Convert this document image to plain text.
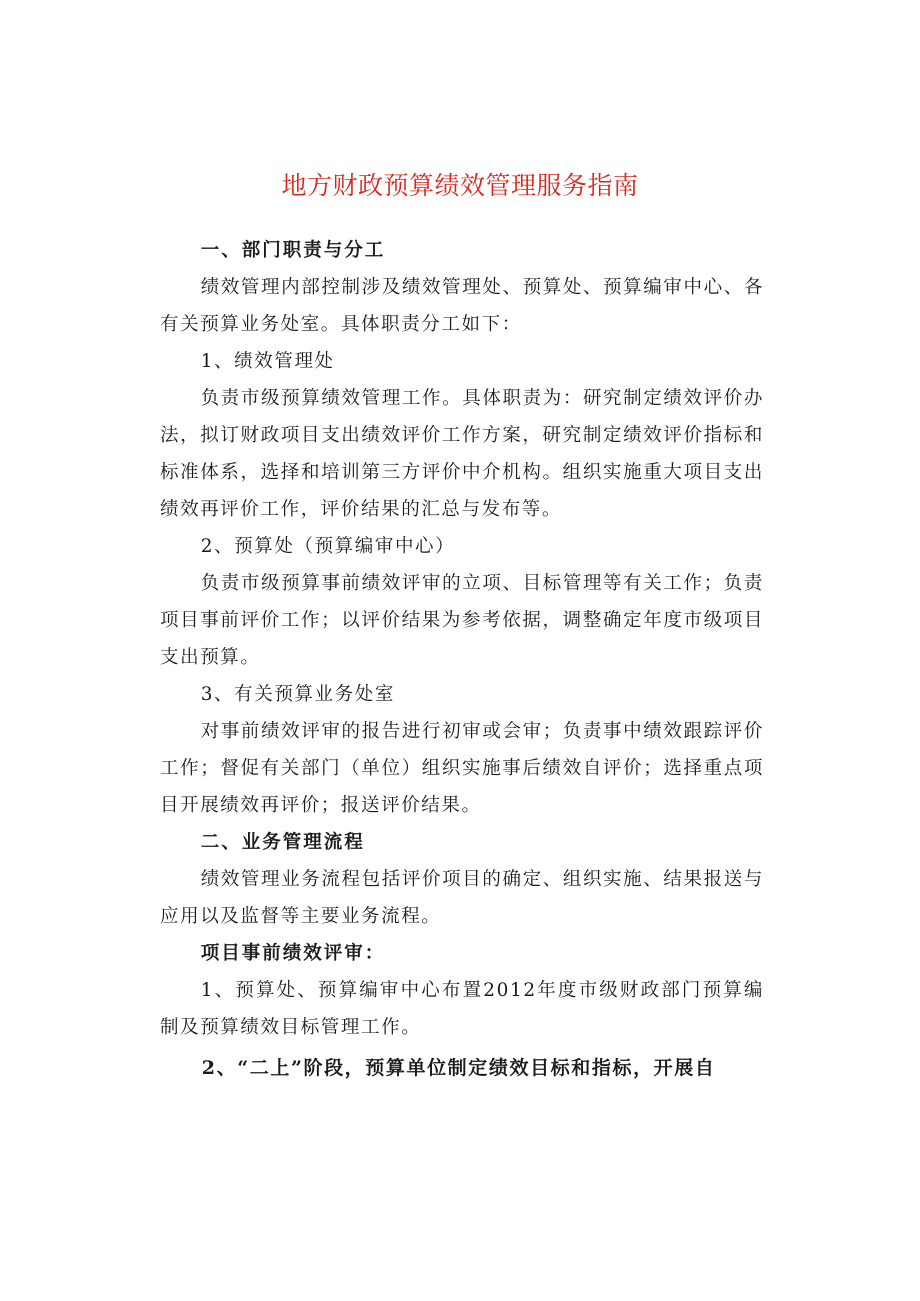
地方财政预算绩效管理服务指南

一、部门职责与分工

绩效管理内部控制涉及绩效管理处、预算处、预算编审中心、各有关预算业务处室。具体职责分工如下：

1、绩效管理处

负责市级预算绩效管理工作。具体职责为：研究制定绩效评价办法，拟订财政项目支出绩效评价工作方案，研究制定绩效评价指标和标准体系，选择和培训第三方评价中介机构。组织实施重大项目支出绩效再评价工作，评价结果的汇总与发布等。

2、预算处（预算编审中心）

负责市级预算事前绩效评审的立项、目标管理等有关工作；负责项目事前评价工作；以评价结果为参考依据，调整确定年度市级项目支出预算。

3、有关预算业务处室

对事前绩效评审的报告进行初审或会审；负责事中绩效跟踪评价工作；督促有关部门（单位）组织实施事后绩效自评价；选择重点项目开展绩效再评价；报送评价结果。

二、业务管理流程

绩效管理业务流程包括评价项目的确定、组织实施、结果报送与应用以及监督等主要业务流程。

项目事前绩效评审：

1、预算处、预算编审中心布置2012年度市级财政部门预算编制及预算绩效目标管理工作。

2、“二上”阶段，预算单位制定绩效目标和指标，开展自
